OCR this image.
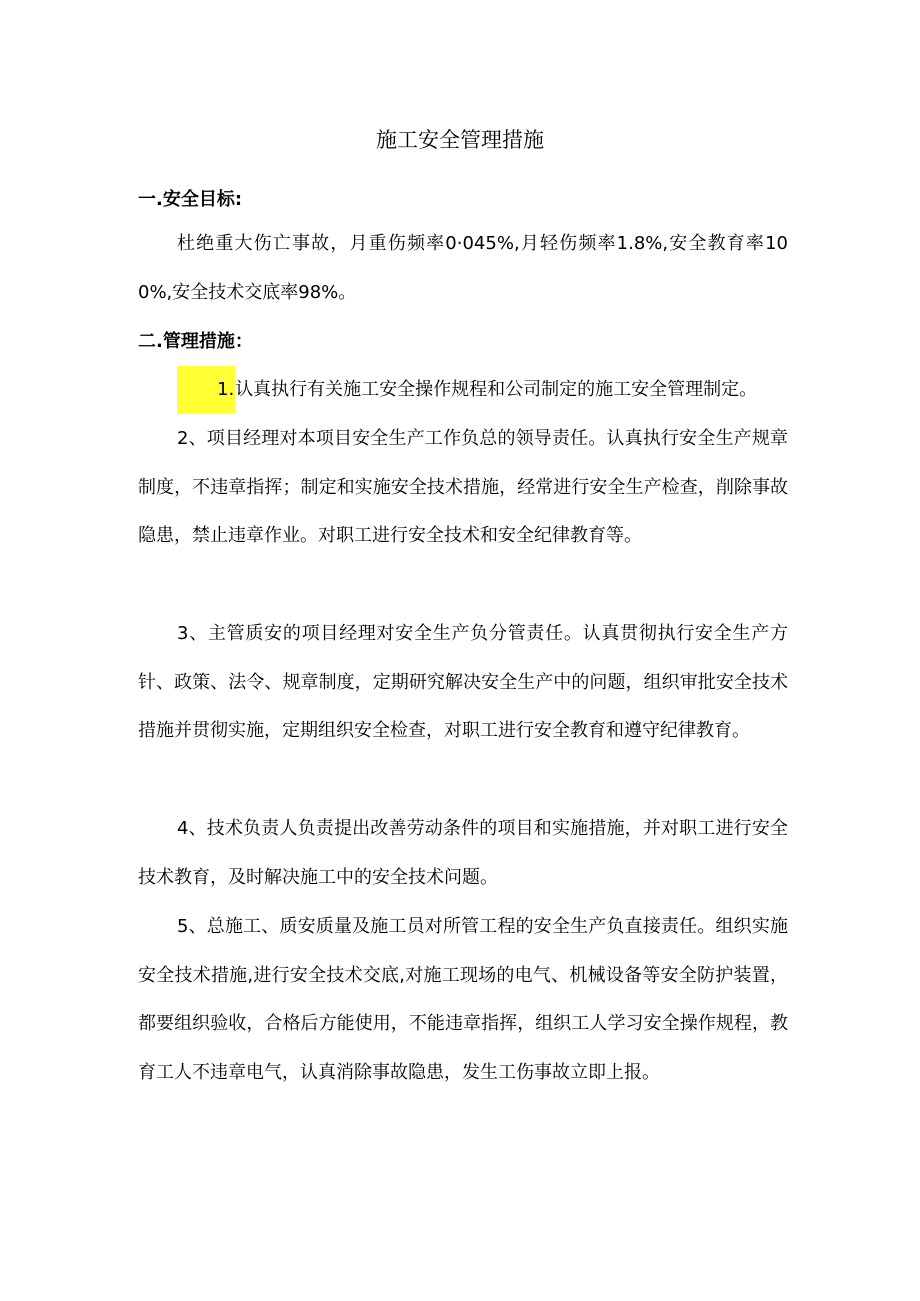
施工安全管理措施
一.安全目标:

杜绝重大伤亡事故，月重伤频率0·045%,月轻伤频率1.8%,安全教育率100%,安全技术交底率98%。

二.管理措施：

1.认真执行有关施工安全操作规程和公司制定的施工安全管理制定。

2、项目经理对本项目安全生产工作负总的领导责任。认真执行安全生产规章制度，不违章指挥；制定和实施安全技术措施，经常进行安全生产检查，削除事故隐患，禁止违章作业。对职工进行安全技术和安全纪律教育等。

3、主管质安的项目经理对安全生产负分管责任。认真贯彻执行安全生产方针、政策、法令、规章制度，定期研究解决安全生产中的问题，组织审批安全技术措施并贯彻实施，定期组织安全检查，对职工进行安全教育和遵守纪律教育。

4、技术负责人负责提出改善劳动条件的项目和实施措施，并对职工进行安全技术教育，及时解决施工中的安全技术问题。

5、总施工、质安质量及施工员对所管工程的安全生产负直接责任。组织实施安全技术措施,进行安全技术交底,对施工现场的电气、机械设备等安全防护装置，都要组织验收，合格后方能使用，不能违章指挥，组织工人学习安全操作规程，教育工人不违章电气，认真消除事故隐患，发生工伤事故立即上报。
